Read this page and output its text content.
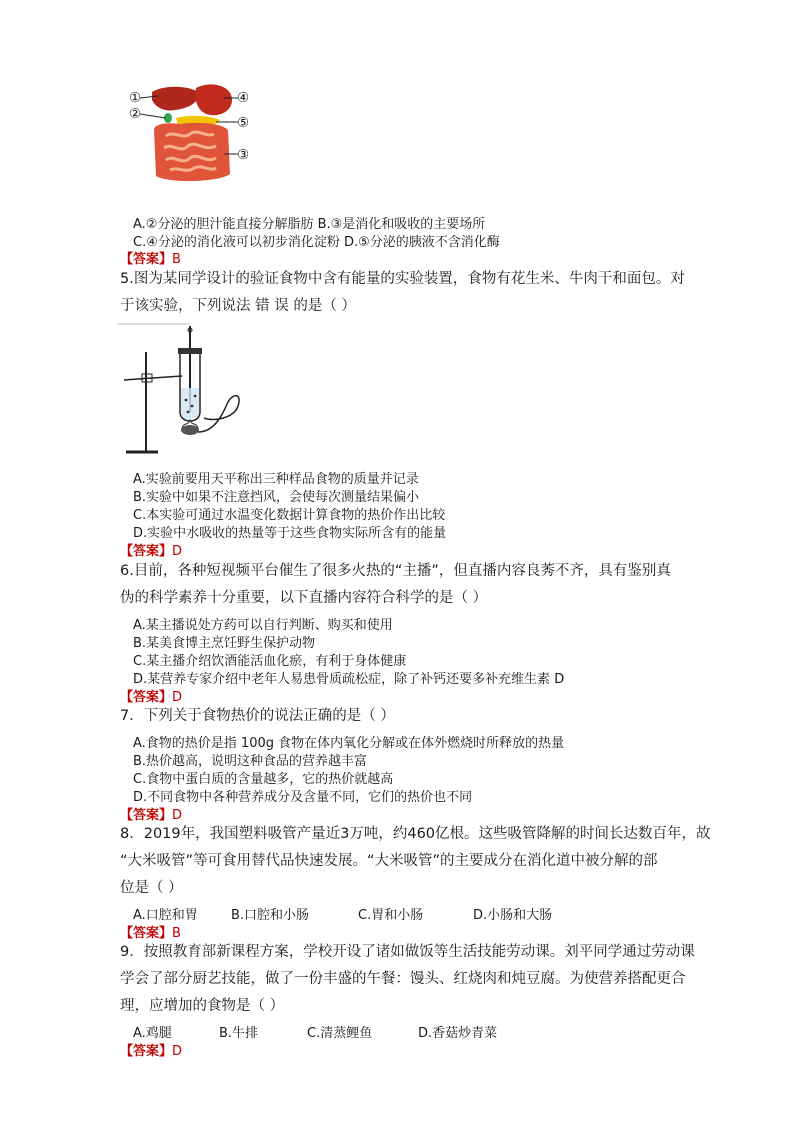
①
②
③
④
⑤
A.②分泌的胆汁能直接分解脂肪 B.③是消化和吸收的主要场所
C.④分泌的消化液可以初步消化淀粉 D.⑤分泌的胰液不含消化酶
【答案】B
5.图为某同学设计的验证食物中含有能量的实验装置，食物有花生米、牛肉干和面包。对
于该实验，下列说法 错 误 的是（ ）
A.实验前要用天平称出三种样品食物的质量并记录
B.实验中如果不注意挡风，会使每次测量结果偏小
C.本实验可通过水温变化数据计算食物的热价作出比较
D.实验中水吸收的热量等于这些食物实际所含有的能量
【答案】D
6.目前，各种短视频平台催生了很多火热的“主播”，但直播内容良莠不齐，具有鉴别真
伪的科学素养十分重要，以下直播内容符合科学的是（ ）
A.某主播说处方药可以自行判断、购买和使用
B.某美食博主烹饪野生保护动物
C.某主播介绍饮酒能活血化瘀，有利于身体健康
D.某营养专家介绍中老年人易患骨质疏松症，除了补钙还要多补充维生素 D
【答案】D
7．下列关于食物热价的说法正确的是（ ）
A.食物的热价是指 100g 食物在体内氧化分解或在体外燃烧时所释放的热量
B.热价越高，说明这种食品的营养越丰富
C.食物中蛋白质的含量越多，它的热价就越高
D.不同食物中各种营养成分及含量不同，它们的热价也不同
【答案】D
8．2019年，我国塑料吸管产量近3万吨，约460亿根。这些吸管降解的时间长达数百年，故
“大米吸管”等可食用替代品快速发展。“大米吸管”的主要成分在消化道中被分解的部
位是（ ）
A.口腔和胃	B.口腔和小肠	C.胃和小肠	D.小肠和大肠
【答案】B
9．按照教育部新课程方案，学校开设了诸如做饭等生活技能劳动课。刘平同学通过劳动课
学会了部分厨艺技能，做了一份丰盛的午餐：馒头、红烧肉和炖豆腐。为使营养搭配更合
理，应增加的食物是（ ）
A.鸡腿	B.牛排	C.清蒸鲤鱼	D.香菇炒青菜
【答案】D
